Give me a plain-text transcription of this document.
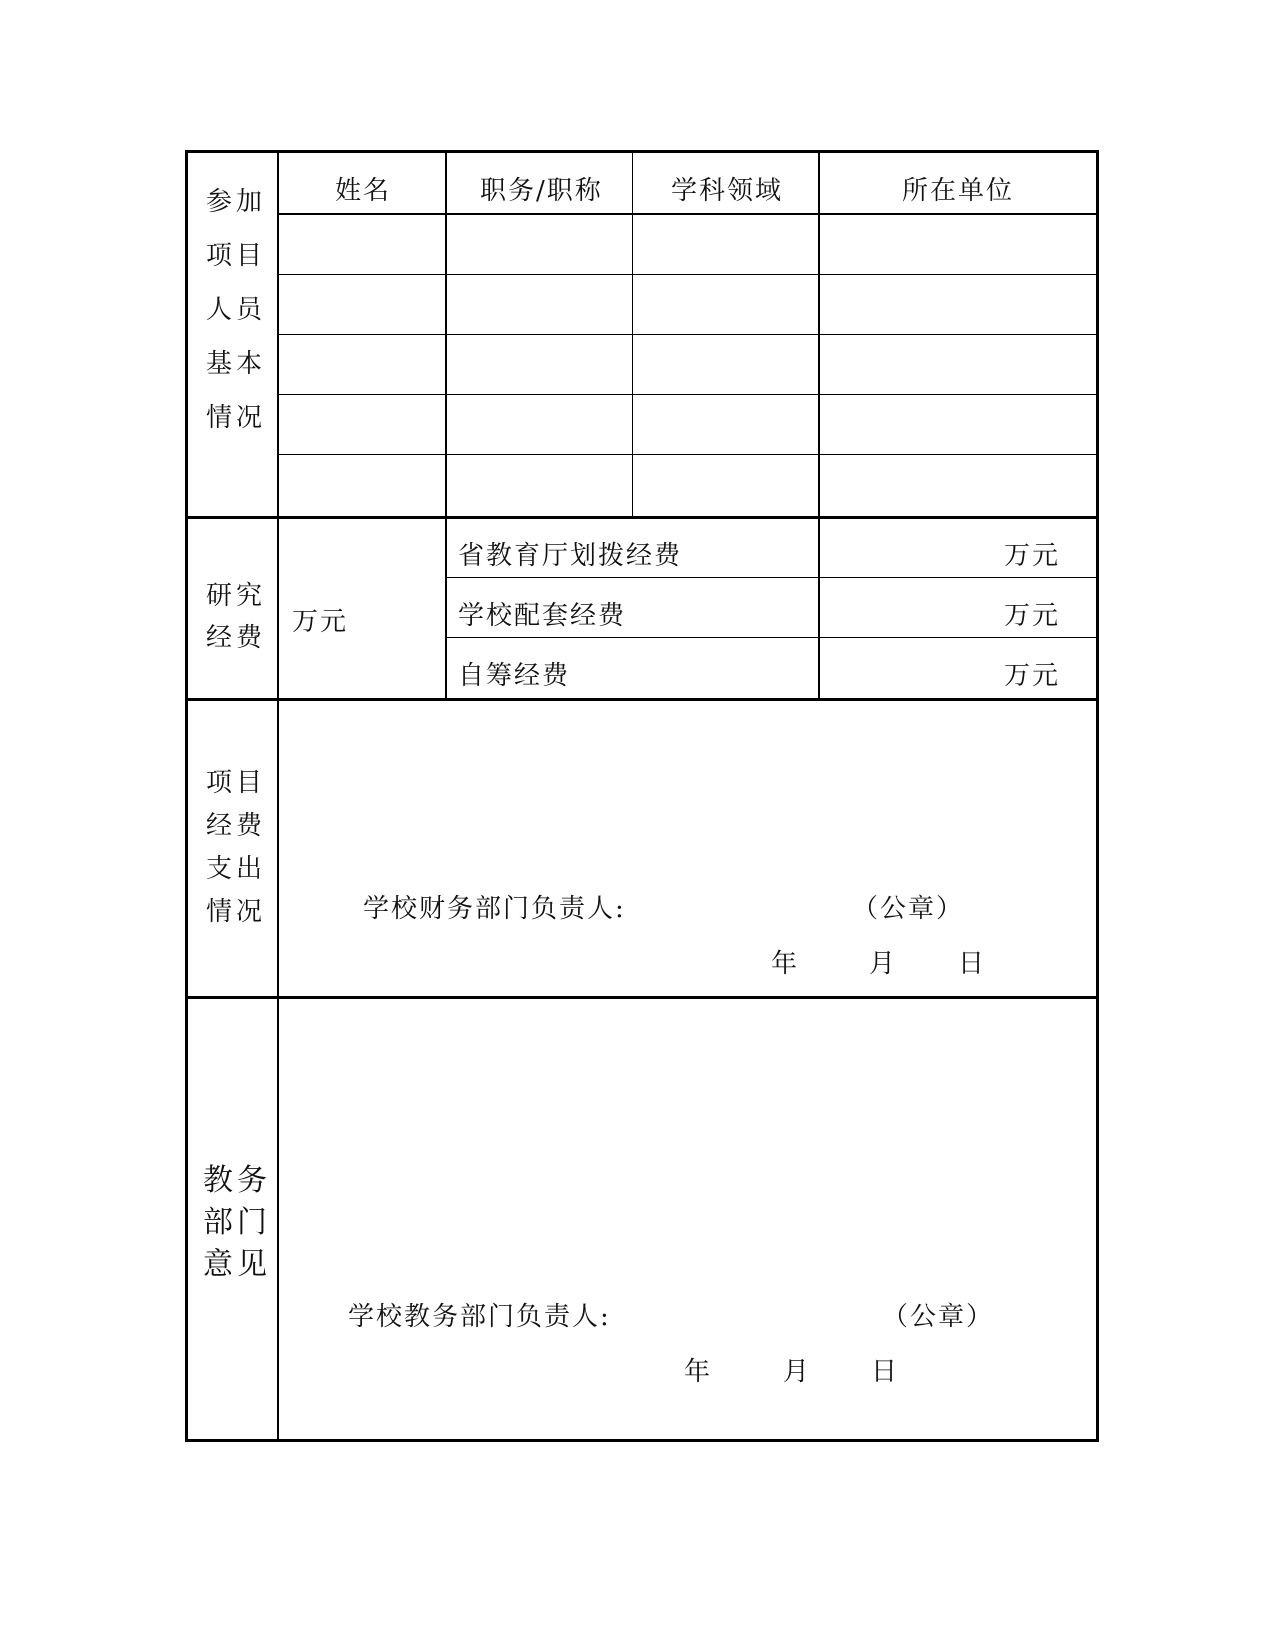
参加
项目
人员
基本
情况
姓名	职务/职称	学科领域	所在单位
研究
经费
万元
省教育厅划拨经费	万元
学校配套经费	万元
自筹经费	万元
项目
经费
支出
情况	学校财务部门负责人:	（公章）
年	月 日
教务
部门
意见
学校教务部门负责人:	（公章）
年	月 日
